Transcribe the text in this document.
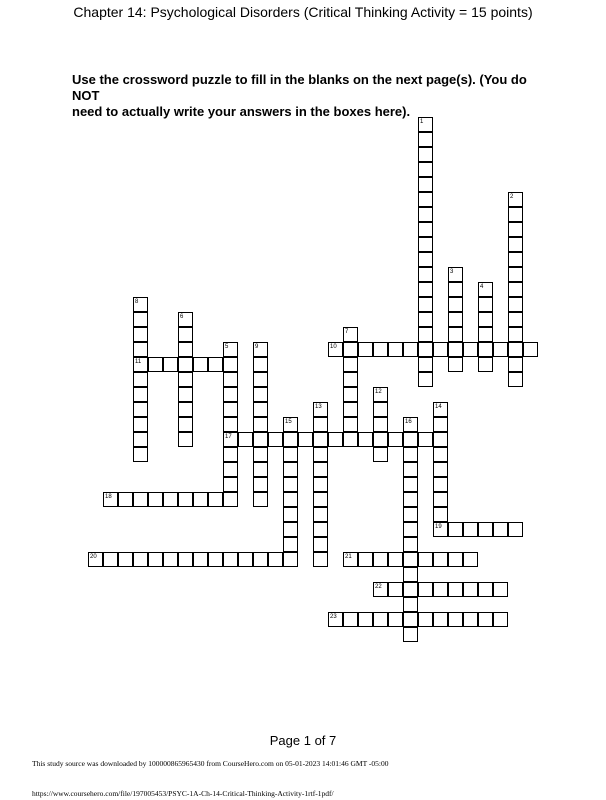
Chapter 14: Psychological Disorders (Critical Thinking Activity = 15 points)
Use the crossword puzzle to fill in the blanks on the next page(s). (You do NOT
need to actually write your answers in the boxes here).
1
2
3
4
5
6
7
8
9	10
11
12
13	14
15	16
17
18
19
20	21
22
23
Page 1 of 7
This study source was downloaded by 100000865965430 from CourseHero.com on 05-01-2023 14:01:46 GMT -05:00
https://www.coursehero.com/file/197005453/PSYC-1A-Ch-14-Critical-Thinking-Activity-1rtf-1pdf/
